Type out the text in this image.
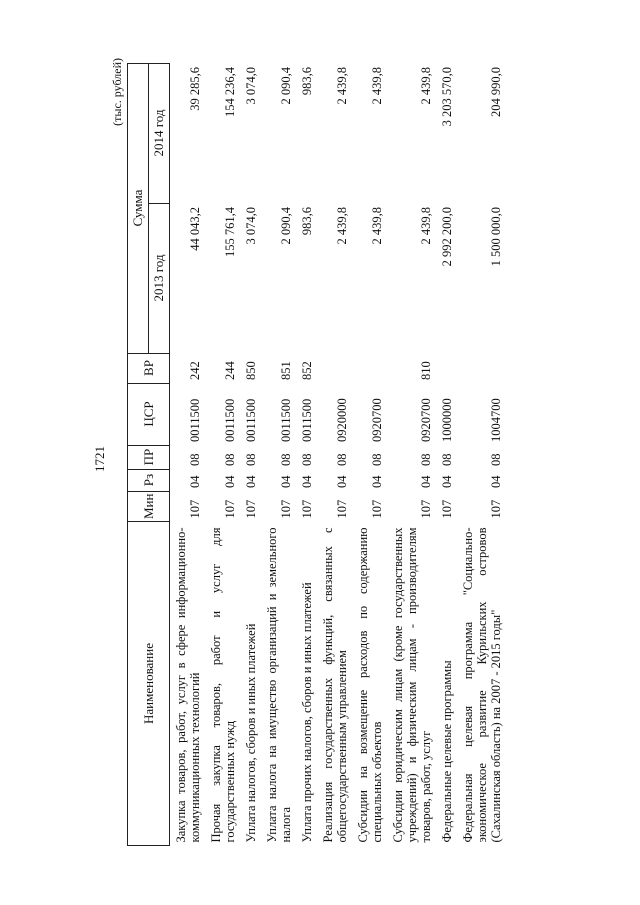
1721
(тыс. рублей)
Наименование	Мин	Рз	ПР	ЦСР	ВР	Сумма	
						2013 год	2014 год
Закупка товаров, работ, услуг в сфере информационно-коммуникационных технологий	107	04	08	0011500	242	44 043,2	39 285,6
Прочая закупка товаров, работ и услуг для государственных нужд	107	04	08	0011500	244	155 761,4	154 236,4
Уплата налогов, сборов и иных платежей	107	04	08	0011500	850	3 074,0	3 074,0
Уплата налога на имущество организаций и земельного налога	107	04	08	0011500	851	2 090,4	2 090,4
Уплата прочих налогов, сборов и иных платежей	107	04	08	0011500	852	983,6	983,6
Реализация государственных функций, связанных с общегосударственным управлением	107	04	08	0920000		2 439,8	2 439,8
Субсидии на возмещение расходов по содержанию специальных объектов	107	04	08	0920700		2 439,8	2 439,8
Субсидии юридическим лицам (кроме государственных учреждений) и физическим лицам - производителям товаров, работ, услуг	107	04	08	0920700	810	2 439,8	2 439,8
Федеральные целевые программы	107	04	08	1000000		2 992 200,0	3 203 570,0
Федеральная целевая программа "Социально-экономическое развитие Курильских островов (Сахалинская область) на 2007 - 2015 годы"	107	04	08	1004700		1 500 000,0	204 990,0
